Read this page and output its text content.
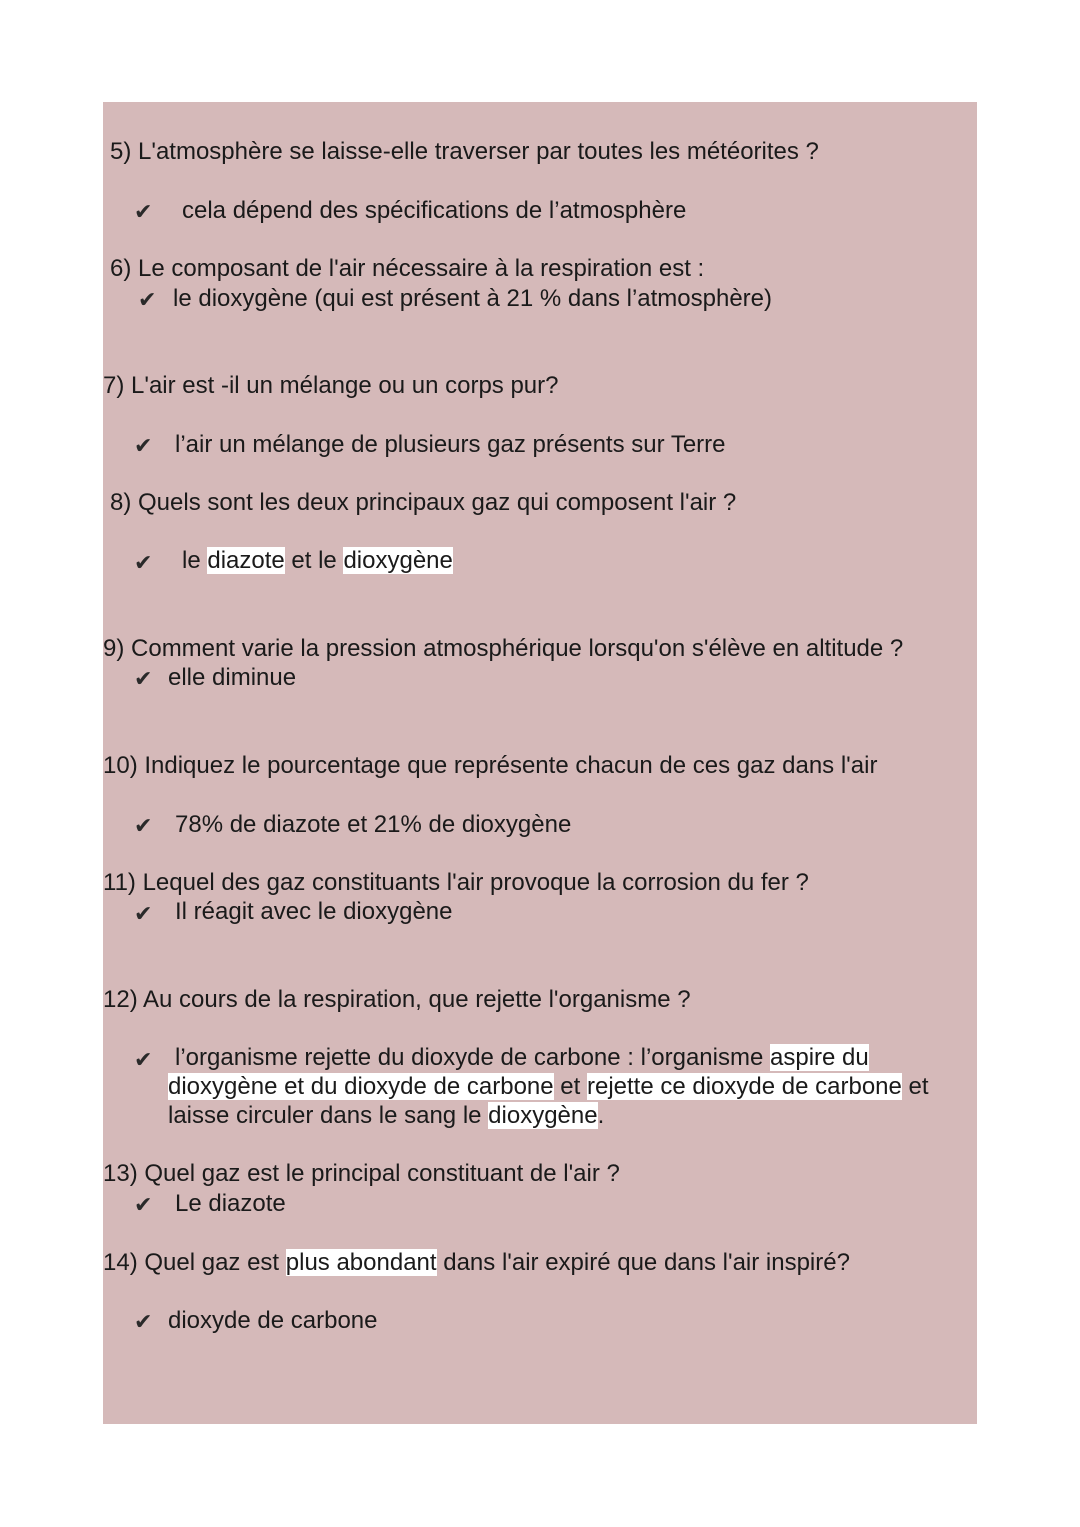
5) L'atmosphère se laisse-elle traverser par toutes les météorites ?
✔ cela dépend des spécifications de l’atmosphère
6) Le composant de l'air nécessaire à la respiration est :
✔ le dioxygène (qui est présent à 21 % dans l’atmosphère)
7) L'air est -il un mélange ou un corps pur?
✔ l’air un mélange de plusieurs gaz présents sur Terre
8) Quels sont les deux principaux gaz qui composent l'air ?
✔ le diazote et le dioxygène
9) Comment varie la pression atmosphérique lorsqu'on s'élève en altitude ?
✔ elle diminue
10) Indiquez le pourcentage que représente chacun de ces gaz dans l'air
✔ 78% de diazote et 21% de dioxygène
11) Lequel des gaz constituants l'air provoque la corrosion du fer ?
✔ Il réagit avec le dioxygène
12) Au cours de la respiration, que rejette l'organisme ?
✔ l’organisme rejette du dioxyde de carbone : l’organisme aspire du
dioxygène et du dioxyde de carbone et rejette ce dioxyde de carbone et
laisse circuler dans le sang le dioxygène.
13) Quel gaz est le principal constituant de l'air ?
✔ Le diazote
14) Quel gaz est plus abondant dans l'air expiré que dans l'air inspiré?
✔ dioxyde de carbone
